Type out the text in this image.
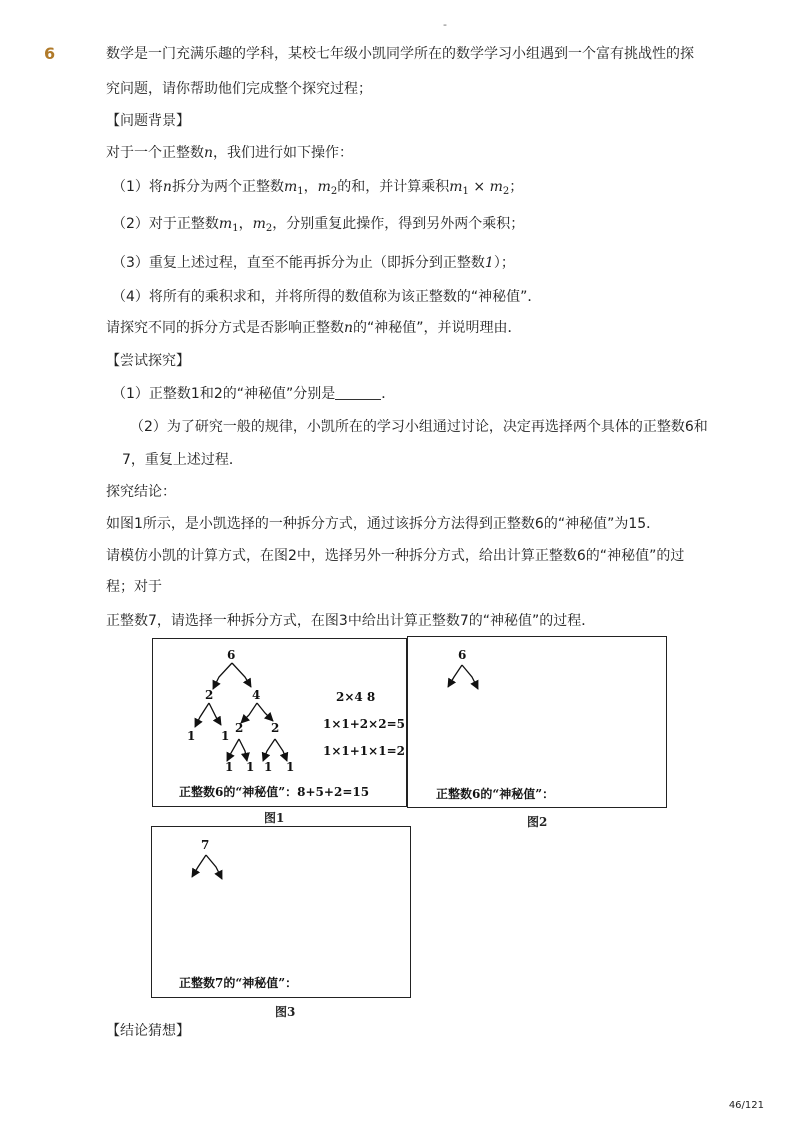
-
6	数学是一门充满乐趣的学科，某校七年级小凯同学所在的数学学习小组遇到一个富有挑战性的探
究问题，请你帮助他们完成整个探究过程；
【问题背景】
对于一个正整数n，我们进行如下操作：
（1）将n拆分为两个正整数$m_1$，$m_2$的和，并计算乘积$m_1 \times m_2$；
（2）对于正整数$m_1$，$m_2$，分别重复此操作，得到另外两个乘积；
（3）重复上述过程，直至不能再拆分为止（即拆分到正整数1）；
（4）将所有的乘积求和，并将所得的数值称为该正整数的“神秘值”．
请探究不同的拆分方式是否影响正整数n的“神秘值”，并说明理由．
【尝试探究】
（1）正整数1和2的“神秘值”分别是	．
（2）为了研究一般的规律，小凯所在的学习小组通过讨论，决定再选择两个具体的正整数6和
7，重复上述过程．
探究结论：
如图1所示，是小凯选择的一种拆分方式，通过该拆分方法得到正整数6的“神秘值”为15．
请模仿小凯的计算方式，在图2中，选择另外一种拆分方式，给出计算正整数6的“神秘值”的过
程；对于
正整数7，请选择一种拆分方式，在图3中给出计算正整数7的“神秘值”的过程．
6
2	4
1 1
2 2
1 1 1 1
2×4 8
1×1+2×2=5
1×1+1×1=2
正整数6的“神秘值”：8+5+2=15
图1
6
正整数6的“神秘值”：
图2
7
正整数7的“神秘值”：
图3
【结论猜想】
46/121
